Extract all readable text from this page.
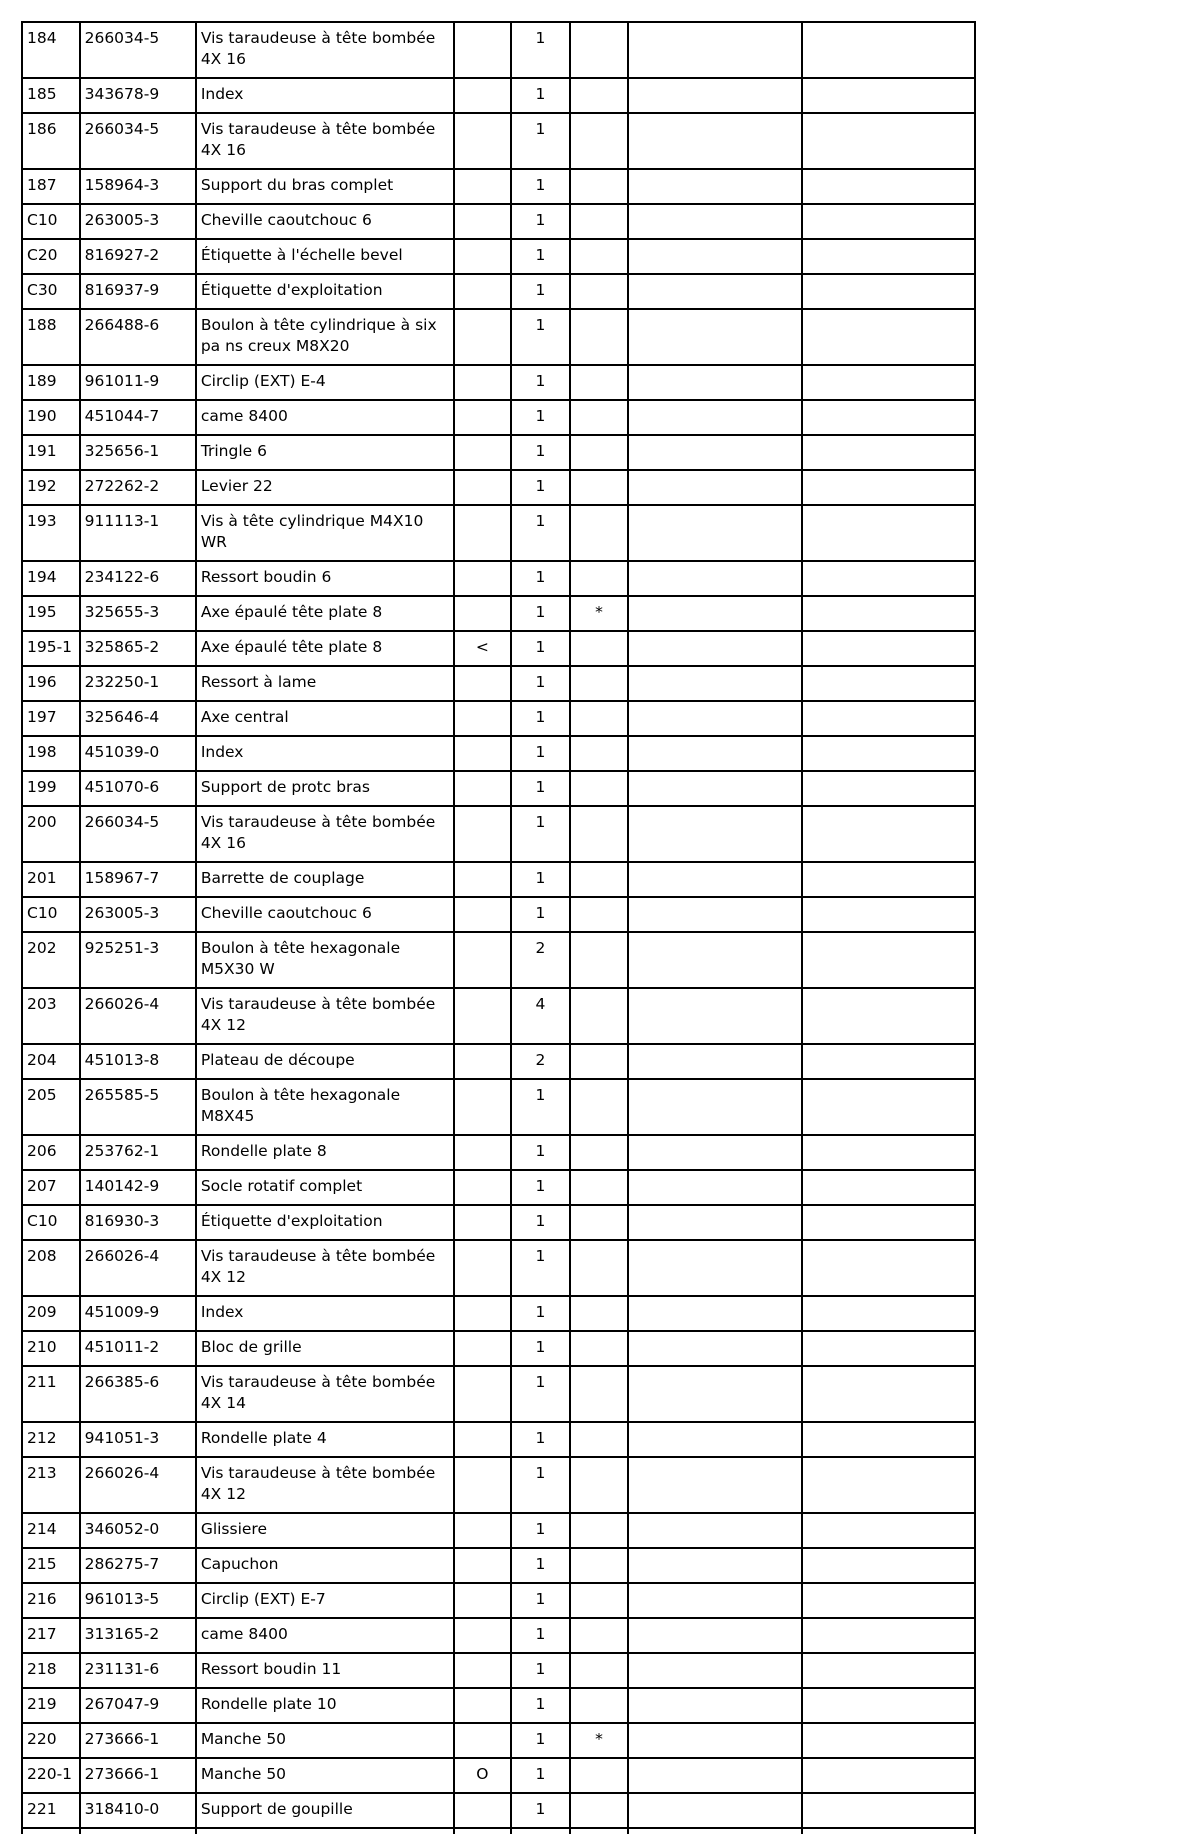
184	266034-5	Vis taraudeuse à tête bombée 4X 16		1			
185	343678-9	Index		1			
186	266034-5	Vis taraudeuse à tête bombée 4X 16		1			
187	158964-3	Support du bras complet		1			
C10	263005-3	Cheville caoutchouc 6		1			
C20	816927-2	Étiquette à l'échelle bevel		1			
C30	816937-9	Étiquette d'exploitation		1			
188	266488-6	Boulon à tête cylindrique à six pa ns creux M8X20		1			
189	961011-9	Circlip (EXT) E-4		1			
190	451044-7	came 8400		1			
191	325656-1	Tringle 6		1			
192	272262-2	Levier 22		1			
193	911113-1	Vis à tête cylindrique M4X10 WR		1			
194	234122-6	Ressort boudin 6		1			
195	325655-3	Axe épaulé tête plate 8		1	*		
195-1	325865-2	Axe épaulé tête plate 8	<	1			
196	232250-1	Ressort à lame		1			
197	325646-4	Axe central		1			
198	451039-0	Index		1			
199	451070-6	Support de protc bras		1			
200	266034-5	Vis taraudeuse à tête bombée 4X 16		1			
201	158967-7	Barrette de couplage		1			
C10	263005-3	Cheville caoutchouc 6		1			
202	925251-3	Boulon à tête hexagonale M5X30 W		2			
203	266026-4	Vis taraudeuse à tête bombée 4X 12		4			
204	451013-8	Plateau de découpe		2			
205	265585-5	Boulon à tête hexagonale M8X45		1			
206	253762-1	Rondelle plate 8		1			
207	140142-9	Socle rotatif complet		1			
C10	816930-3	Étiquette d'exploitation		1			
208	266026-4	Vis taraudeuse à tête bombée 4X 12		1			
209	451009-9	Index		1			
210	451011-2	Bloc de grille		1			
211	266385-6	Vis taraudeuse à tête bombée 4X 14		1			
212	941051-3	Rondelle plate 4		1			
213	266026-4	Vis taraudeuse à tête bombée 4X 12		1			
214	346052-0	Glissiere		1			
215	286275-7	Capuchon		1			
216	961013-5	Circlip (EXT) E-7		1			
217	313165-2	came 8400		1			
218	231131-6	Ressort boudin 11		1			
219	267047-9	Rondelle plate 10		1			
220	273666-1	Manche 50		1	*		
220-1	273666-1	Manche 50	O	1			
221	318410-0	Support de goupille		1			
